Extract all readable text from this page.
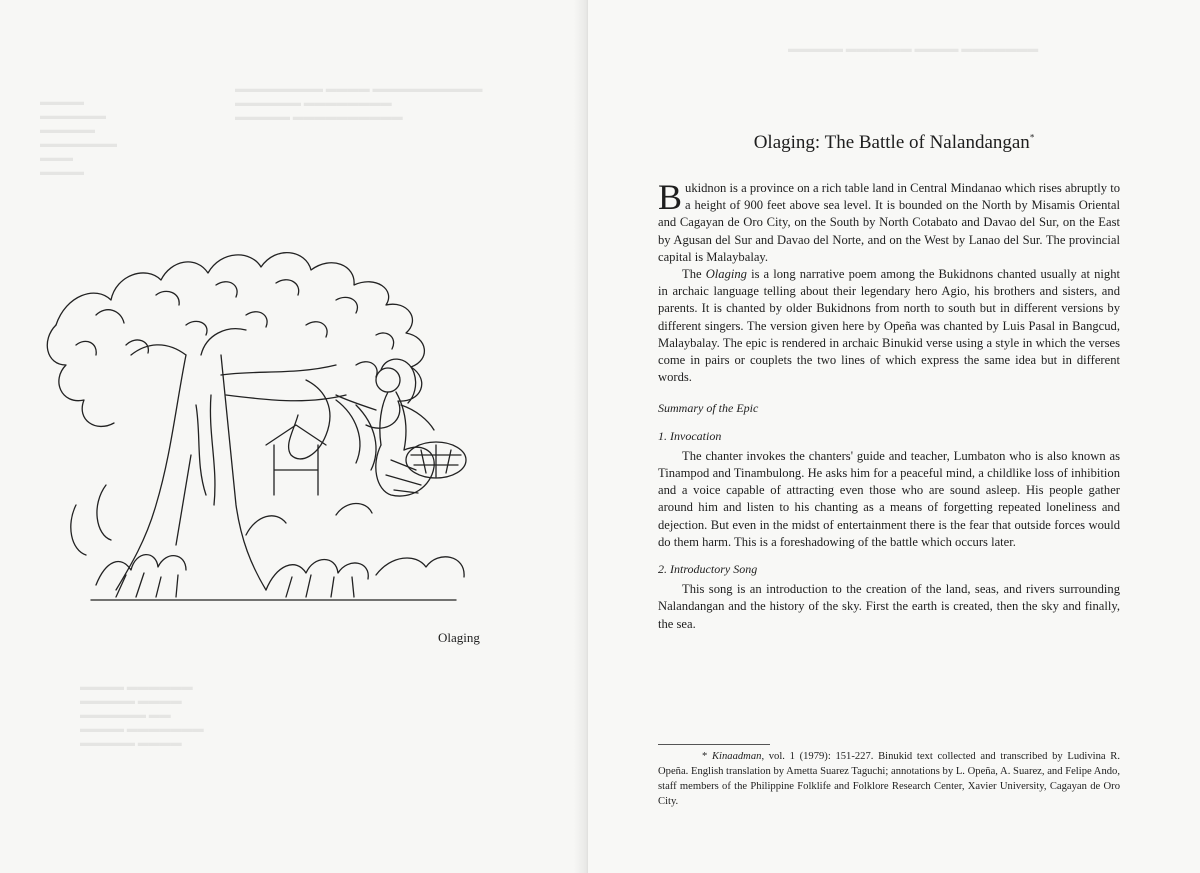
▬▬▬▬▬▬▬▬ ▬▬▬▬ ▬▬▬▬▬▬▬▬▬▬
▬▬▬▬▬▬ ▬▬▬▬▬▬▬▬
▬▬▬▬▬ ▬▬▬▬▬▬▬▬▬▬
▬▬▬▬
▬▬▬▬▬▬
▬▬▬▬▬
▬▬▬▬▬▬▬
▬▬▬
▬▬▬▬
▬▬▬▬ ▬▬▬▬▬▬
▬▬▬▬▬ ▬▬▬▬
▬▬▬▬▬▬ ▬▬
▬▬▬▬ ▬▬▬▬▬▬▬
▬▬▬▬▬ ▬▬▬▬
Olaging
▬▬▬▬▬ ▬▬▬▬▬▬ ▬▬▬▬ ▬▬▬▬▬▬▬
Olaging: The Battle of Nalandangan*

Bukidnon is a province on a rich table land in Central Mindanao which rises abruptly to a height of 900 feet above sea level. It is bounded on the North by Misamis Oriental and Cagayan de Oro City, on the South by North Cotabato and Davao del Sur, on the East by Agusan del Sur and Davao del Norte, and on the West by Lanao del Sur. The provincial capital is Malaybalay.

The Olaging is a long narrative poem among the Bukidnons chanted usually at night in archaic language telling about their legendary hero Agio, his brothers and sisters, and parents. It is chanted by older Bukidnons from north to south but in different versions by different singers. The version given here by Opeña was chanted by Luis Pasal in Bangcud, Malaybalay. The epic is rendered in archaic Binukid verse using a style in which the verses come in pairs or couplets the two lines of which express the same idea but in different words.

Summary of the Epic

1. Invocation

The chanter invokes the chanters' guide and teacher, Lumbaton who is also known as Tinampod and Tinambulong. He asks him for a peaceful mind, a childlike loss of inhibition and a voice capable of attracting even those who are sound asleep. His people gather around him and listen to his chanting as a means of forgetting repeated loneliness and dejection. But even in the midst of entertainment there is the fear that outside forces would do them harm. This is a foreshadowing of the battle which occurs later.

2. Introductory Song

This song is an introduction to the creation of the land, seas, and rivers surrounding Nalandangan and the history of the sky. First the earth is created, then the sky and finally, the sea.

* Kinaadman, vol. 1 (1979): 151-227. Binukid text collected and transcribed by Ludivina R. Opeña. English translation by Ametta Suarez Taguchi; annotations by L. Opeña, A. Suarez, and Felipe Ando, staff members of the Philippine Folklife and Folklore Research Center, Xavier University, Cagayan de Oro City.
